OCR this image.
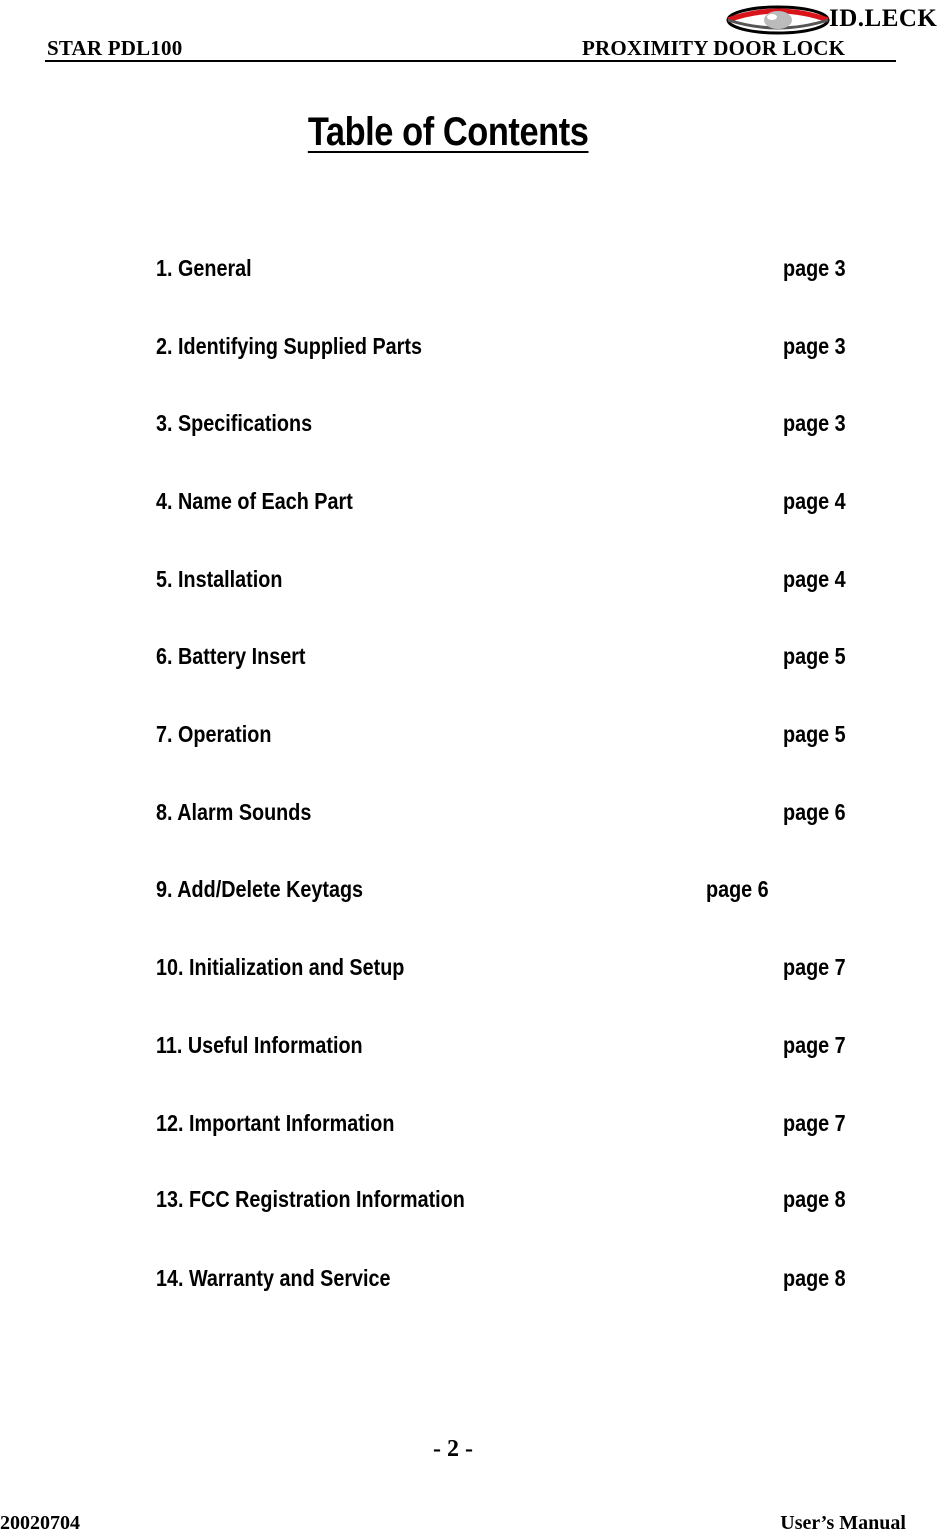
STAR PDL100	PROXIMITY DOOR LOCK
ID.LECK
Table of Contents
1. General	page 3
2. Identifying Supplied Parts	page 3
3. Specifications	page 3
4. Name of Each Part	page 4
5. Installation	page 4
6. Battery Insert	page 5
7. Operation	page 5
8. Alarm Sounds	page 6
9. Add/Delete Keytags	page 6
10. Initialization and Setup	page 7
11. Useful Information	page 7
12. Important Information	page 7
13. FCC Registration Information	page 8
14. Warranty and Service	page 8
- 2 -
20020704	User’s Manual
